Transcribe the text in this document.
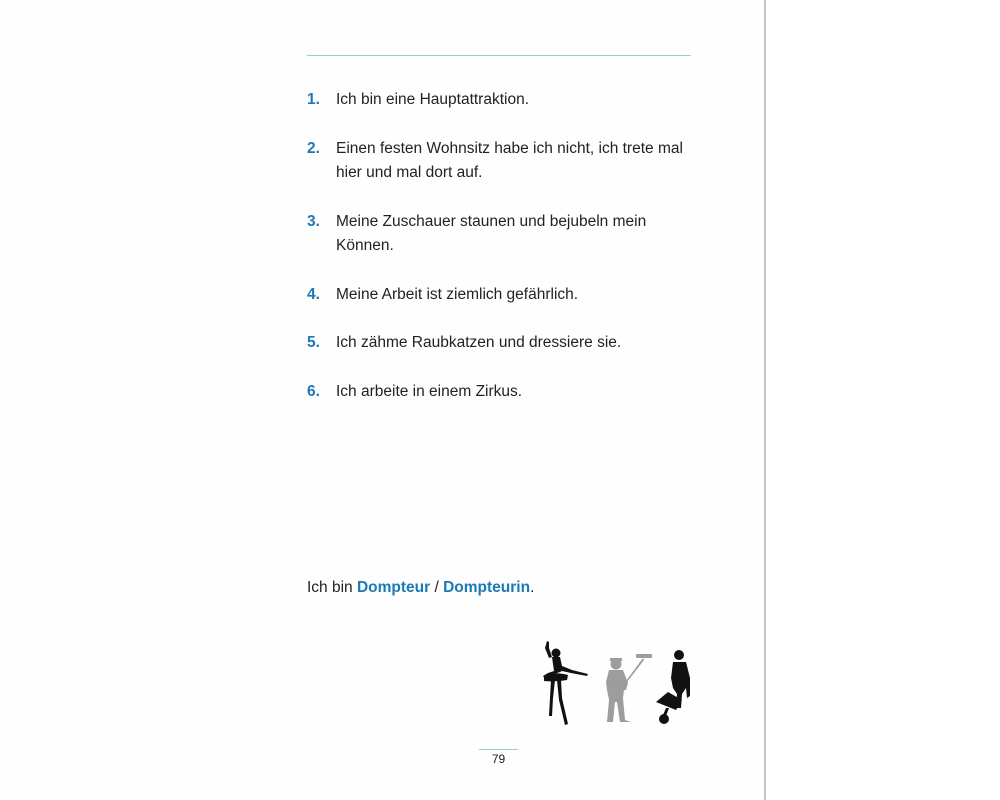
1. Ich bin eine Hauptattraktion.
2. Einen festen Wohnsitz habe ich nicht, ich trete mal hier und mal dort auf.
3. Meine Zuschauer staunen und bejubeln mein Können.
4. Meine Arbeit ist ziemlich gefährlich.
5. Ich zähme Raubkatzen und dressiere sie.
6. Ich arbeite in einem Zirkus.
Ich bin Dompteur / Dompteurin.
79
